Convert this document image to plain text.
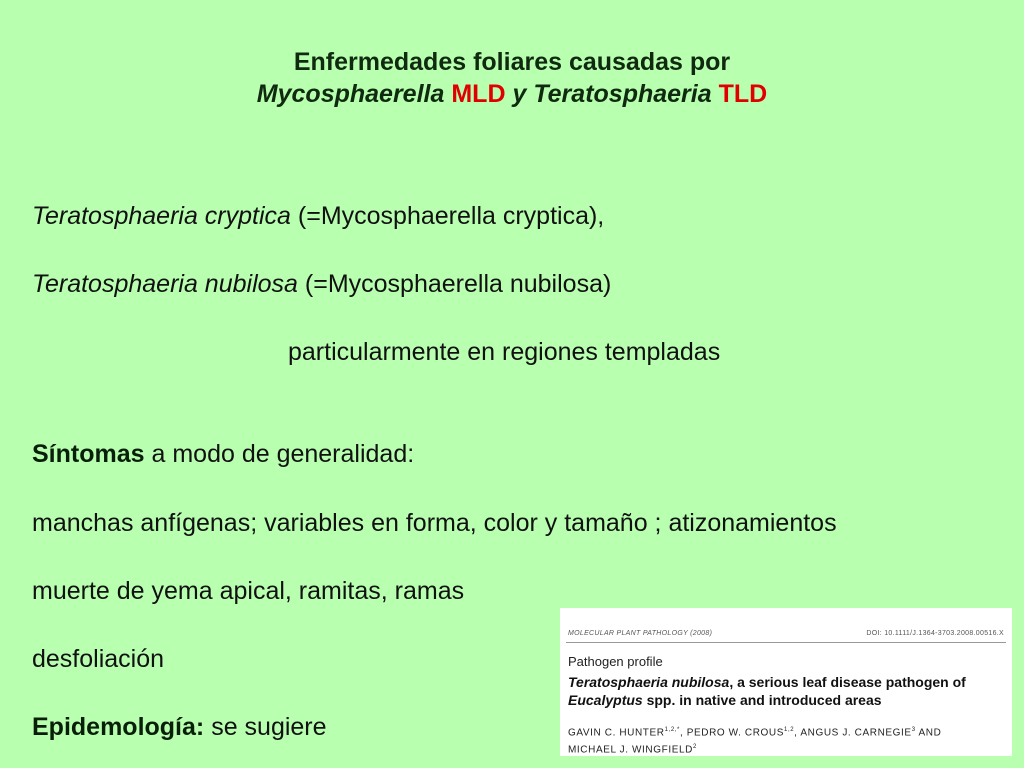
Enfermedades foliares causadas por
Mycosphaerella MLD y Teratosphaeria TLD
Teratosphaeria cryptica (=Mycosphaerella cryptica),
Teratosphaeria nubilosa (=Mycosphaerella nubilosa)
particularmente en regiones templadas
Síntomas a modo de generalidad:
manchas anfígenas; variables en forma, color y tamaño ; atizonamientos
muerte de yema apical, ramitas, ramas
desfoliación
Epidemología: se sugiere
MOLECULAR PLANT PATHOLOGY (2008)	DOI: 10.1111/J.1364-3703.2008.00516.X
Pathogen profile
Teratosphaeria nubilosa, a serious leaf disease pathogen of
Eucalyptus spp. in native and introduced areas
GAVIN C. $HUNTER^{1,2,*}$, PEDRO W. CROUS$^{1,2}$, ANGUS J. CARNEGIE$^3$ AND
MICHAEL J. WINGFIELD$^2$
